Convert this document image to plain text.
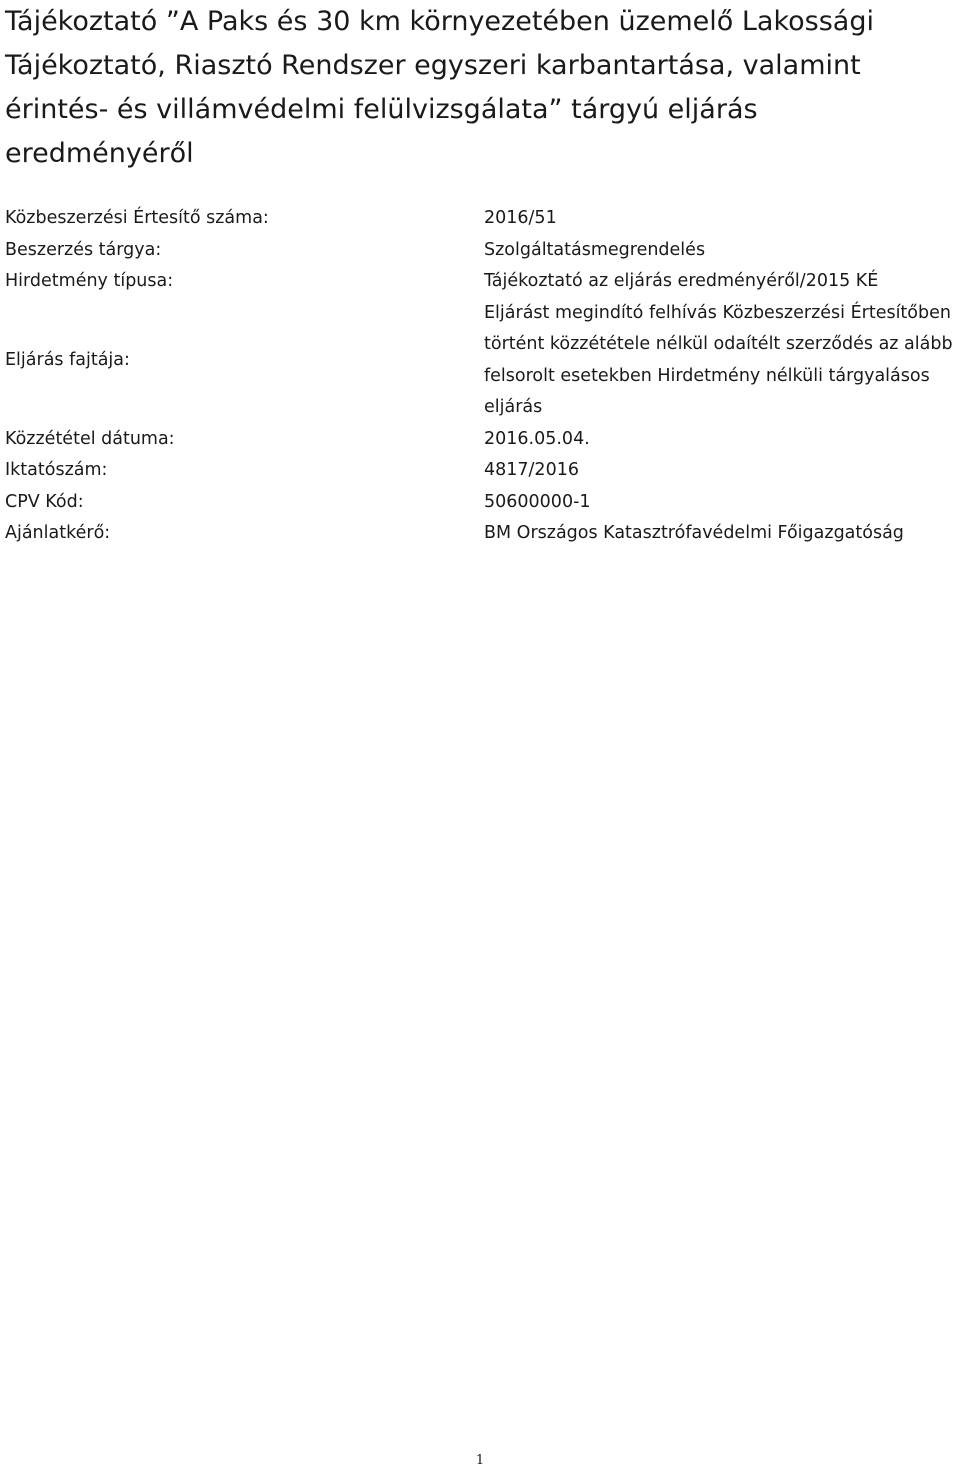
Tájékoztató ”A Paks és 30 km környezetében üzemelő Lakossági Tájékoztató, Riasztó Rendszer egyszeri karbantartása, valamint érintés- és villámvédelmi felülvizsgálata” tárgyú eljárás eredményéről
Közbeszerzési Értesítő száma:	2016/51
Beszerzés tárgya:	Szolgáltatásmegrendelés
Hirdetmény típusa:	Tájékoztató az eljárás eredményéről/2015 KÉ
Eljárás fajtája:	Eljárást megindító felhívás Közbeszerzési Értesítőben történt közzététele nélkül odaítélt szerződés az alább felsorolt esetekben Hirdetmény nélküli tárgyalásos eljárás
Közzététel dátuma:	2016.05.04.
Iktatószám:	4817/2016
CPV Kód:	50600000-1
Ajánlatkérő:	BM Országos Katasztrófavédelmi Főigazgatóság
1
